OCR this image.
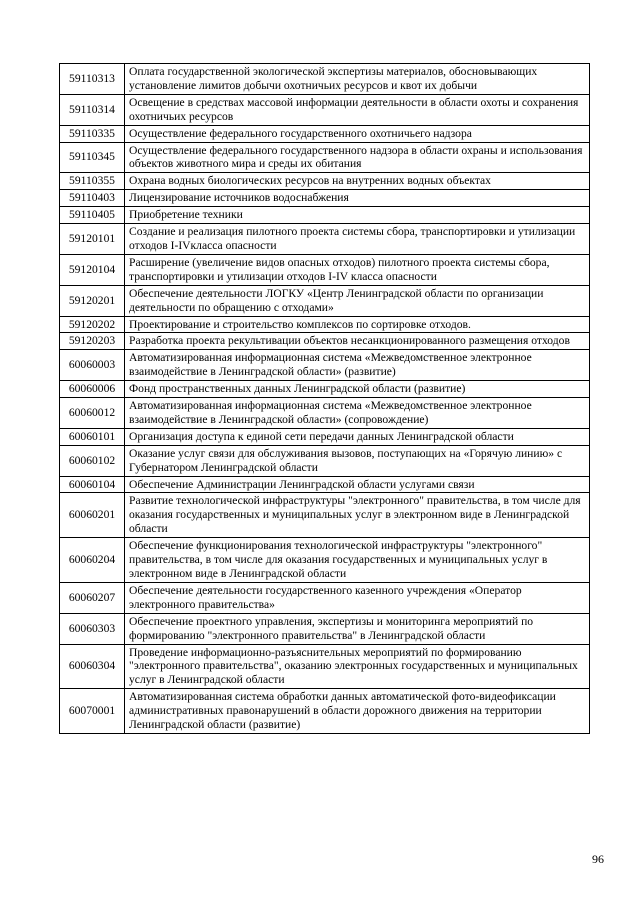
59110313	Оплата государственной экологической экспертизы материалов, обосновывающих установление лимитов добычи охотничьих ресурсов и квот их добычи
59110314	Освещение в средствах массовой информации деятельности в области охоты и сохранения охотничьих ресурсов
59110335	Осуществление федерального государственного охотничьего надзора
59110345	Осуществление федерального государственного надзора в области охраны и использования объектов животного мира и среды их обитания
59110355	Охрана водных биологических ресурсов на внутренних водных объектах
59110403	Лицензирование источников водоснабжения
59110405	Приобретение техники
59120101	Создание и реализация пилотного проекта системы сбора, транспортировки и утилизации отходов I-IVкласса опасности
59120104	Расширение (увеличение видов опасных отходов) пилотного проекта системы сбора, транспортировки и утилизации отходов I-IV класса опасности
59120201	Обеспечение деятельности ЛОГКУ «Центр Ленинградской области по организации деятельности по обращению с отходами»
59120202	Проектирование и строительство комплексов по сортировке отходов.
59120203	Разработка проекта рекультивации объектов несанкционированного размещения отходов
60060003	Автоматизированная информационная система «Межведомственное электронное взаимодействие в Ленинградской области» (развитие)
60060006	Фонд пространственных данных Ленинградской области (развитие)
60060012	Автоматизированная информационная система «Межведомственное электронное взаимодействие в Ленинградской области» (сопровождение)
60060101	Организация доступа к единой сети передачи данных Ленинградской области
60060102	Оказание услуг связи для обслуживания вызовов, поступающих на «Горячую линию» с Губернатором Ленинградской области
60060104	Обеспечение Администрации Ленинградской области услугами связи
60060201	Развитие технологической инфраструктуры "электронного" правительства, в том числе для оказания государственных и муниципальных услуг в электронном виде в Ленинградской области
60060204	Обеспечение функционирования технологической инфраструктуры "электронного" правительства, в том числе для оказания государственных и муниципальных услуг в электронном виде в Ленинградской области
60060207	Обеспечение деятельности государственного казенного учреждения «Оператор электронного правительства»
60060303	Обеспечение проектного управления, экспертизы и мониторинга мероприятий по формированию "электронного правительства" в Ленинградской области
60060304	Проведение информационно-разъяснительных мероприятий по формированию "электронного правительства", оказанию электронных государственных и муниципальных услуг в Ленинградской области
60070001	Автоматизированная система обработки данных автоматической фото-видеофиксации административных правонарушений в области дорожного движения на территории Ленинградской области (развитие)
96
